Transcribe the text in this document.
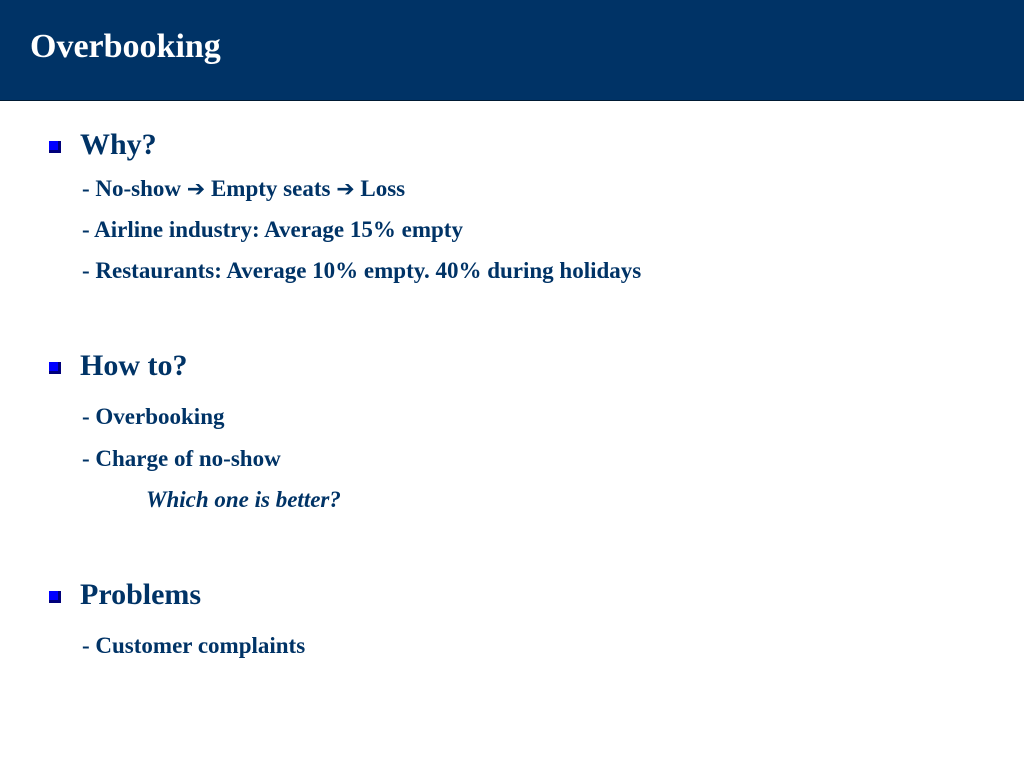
Overbooking
Why?
- No-show ➔ Empty seats ➔ Loss
- Airline industry: Average 15% empty
- Restaurants: Average 10% empty. 40% during holidays
How to?
- Overbooking
- Charge of no-show
Which one is better?
Problems
- Customer complaints
